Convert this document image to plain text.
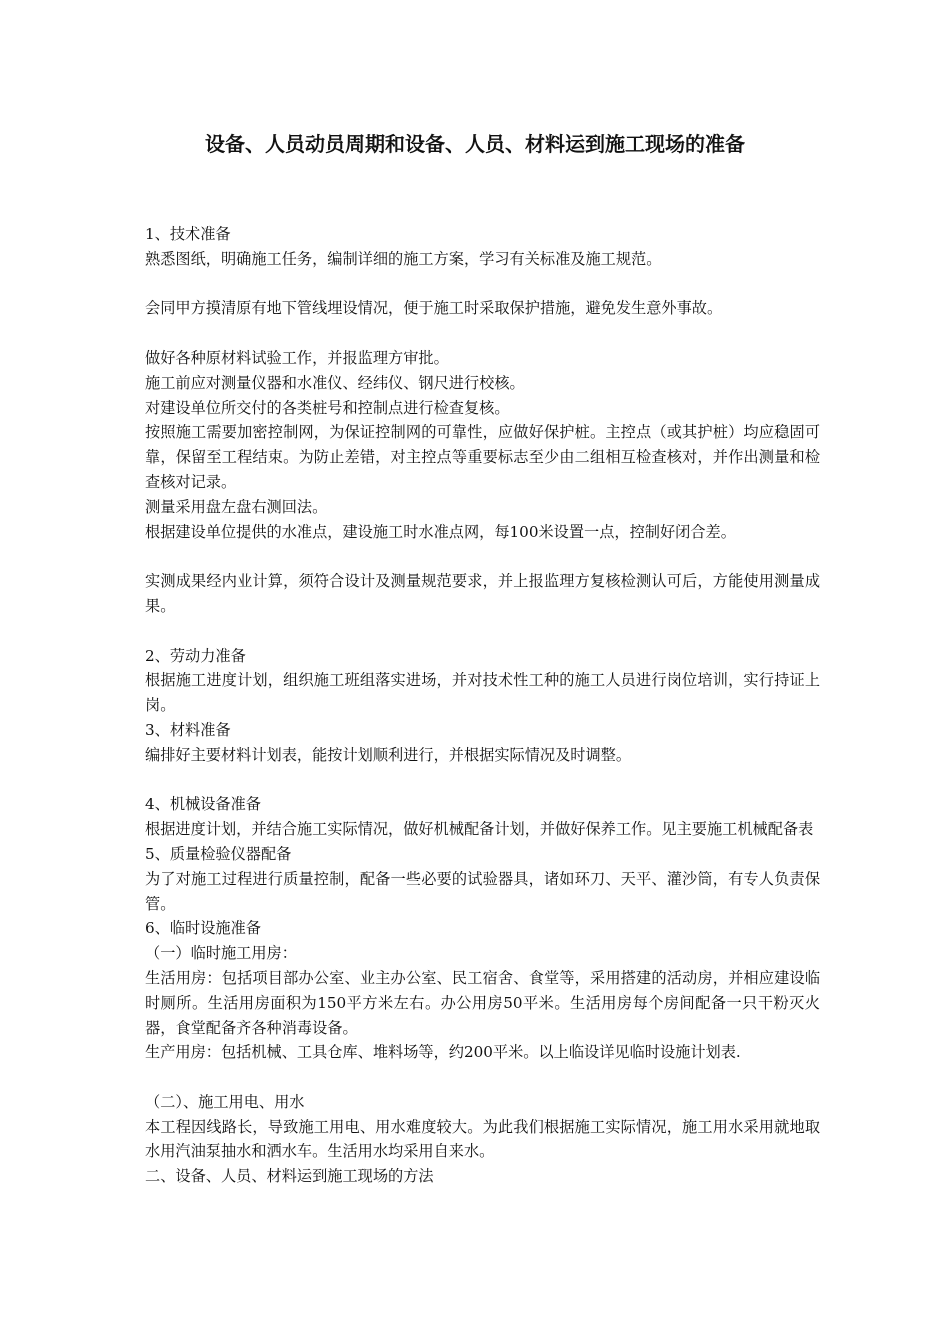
设备、人员动员周期和设备、人员、材料运到施工现场的准备

1、技术准备

熟悉图纸，明确施工任务，编制详细的施工方案，学习有关标准及施工规范。

会同甲方摸清原有地下管线埋设情况，便于施工时采取保护措施，避免发生意外事故。

做好各种原材料试验工作，并报监理方审批。

施工前应对测量仪器和水准仪、经纬仪、钢尺进行校核。

对建设单位所交付的各类桩号和控制点进行检查复核。

按照施工需要加密控制网，为保证控制网的可靠性，应做好保护桩。主控点（或其护桩）均应稳固可靠，保留至工程结束。为防止差错，对主控点等重要标志至少由二组相互检查核对，并作出测量和检查核对记录。

测量采用盘左盘右测回法。

根据建设单位提供的水准点，建设施工时水准点网，每100米设置一点，控制好闭合差。

实测成果经内业计算，须符合设计及测量规范要求，并上报监理方复核检测认可后，方能使用测量成果。

2、劳动力准备

根据施工进度计划，组织施工班组落实进场，并对技术性工种的施工人员进行岗位培训，实行持证上岗。

3、材料准备

编排好主要材料计划表，能按计划顺利进行，并根据实际情况及时调整。

4、机械设备准备

根据进度计划，并结合施工实际情况，做好机械配备计划，并做好保养工作。见主要施工机械配备表

5、质量检验仪器配备

为了对施工过程进行质量控制，配备一些必要的试验器具，诸如环刀、天平、灌沙筒，有专人负责保管。

6、临时设施准备

（一）临时施工用房：

生活用房：包括项目部办公室、业主办公室、民工宿舍、食堂等，采用搭建的活动房，并相应建设临时厕所。生活用房面积为150平方米左右。办公用房50平米。生活用房每个房间配备一只干粉灭火器，食堂配备齐各种消毒设备。

生产用房：包括机械、工具仓库、堆料场等，约200平米。以上临设详见临时设施计划表.

（二）、施工用电、用水

本工程因线路长，导致施工用电、用水难度较大。为此我们根据施工实际情况，施工用水采用就地取水用汽油泵抽水和洒水车。生活用水均采用自来水。

二、设备、人员、材料运到施工现场的方法
